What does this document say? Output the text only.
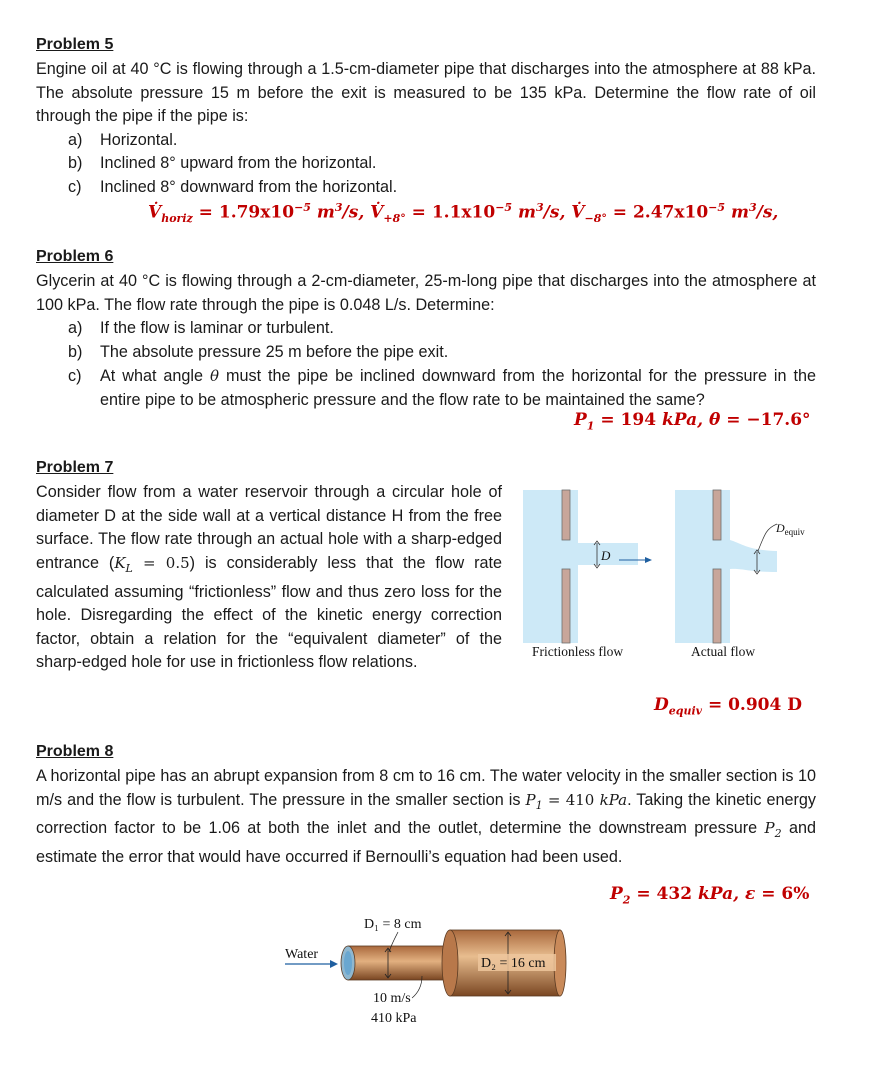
Problem 5
Engine oil at 40 °C is flowing through a 1.5-cm-diameter pipe that discharges into the atmosphere at 88 kPa. The absolute pressure 15 m before the exit is measured to be 135 kPa. Determine the flow rate of oil through the pipe if the pipe is:
a) Horizontal.
b) Inclined 8° upward from the horizontal.
c) Inclined 8° downward from the horizontal.
$V̇_{horiz} = 1.79x10^{-5}$ $m^3/s$, $V̇_{+8^\circ} = 1.1x10^{-5}$ $m^3/s$, $V̇_{-8^\circ} = 2.47x10^{-5}$ $m^3/s$,
Problem 6
Glycerin at 40 °C is flowing through a 2-cm-diameter, 25-m-long pipe that discharges into the atmosphere at 100 kPa. The flow rate through the pipe is 0.048 L/s. Determine:
a) If the flow is laminar or turbulent.
b) The absolute pressure 25 m before the pipe exit.
c)	At what angle θ must the pipe be inclined downward from the horizontal for the pressure in the entire pipe to be atmospheric pressure and the flow rate to be maintained the same?
$P_1 = 194$ kPa, θ = −17.6°
Problem 7
Consider flow from a water reservoir through a circular hole of diameter D at the side wall at a vertical distance H from the free surface. The flow rate through an actual hole with a sharp-edged entrance $(K_L = 0.5)$ is considerably less that the flow rate calculated assuming “frictionless” flow and thus zero loss for the hole. Disregarding the effect of the kinetic energy correction factor, obtain a relation for the “equivalent diameter” of the sharp-edged hole for use in frictionless flow relations.
D
$D_{equiv}$
Frictionless flow	Actual flow
$D_{equiv} = 0.904$ D
Problem 8
A horizontal pipe has an abrupt expansion from 8 cm to 16 cm. The water velocity in the smaller section is 10 m/s and the flow is turbulent. The pressure in the smaller section is $P_1 = 410$ kPa. Taking the kinetic energy correction factor to be 1.06 at both the inlet and the outlet, determine the downstream pressure $P_2$ and estimate the error that would have occurred if Bernoulli’s equation had been used.
$P_2 = 432$ kPa, ε = 6%
D₁ = 8 cm
D₂ = 16 cm
Water
10 m/s
410 kPa
